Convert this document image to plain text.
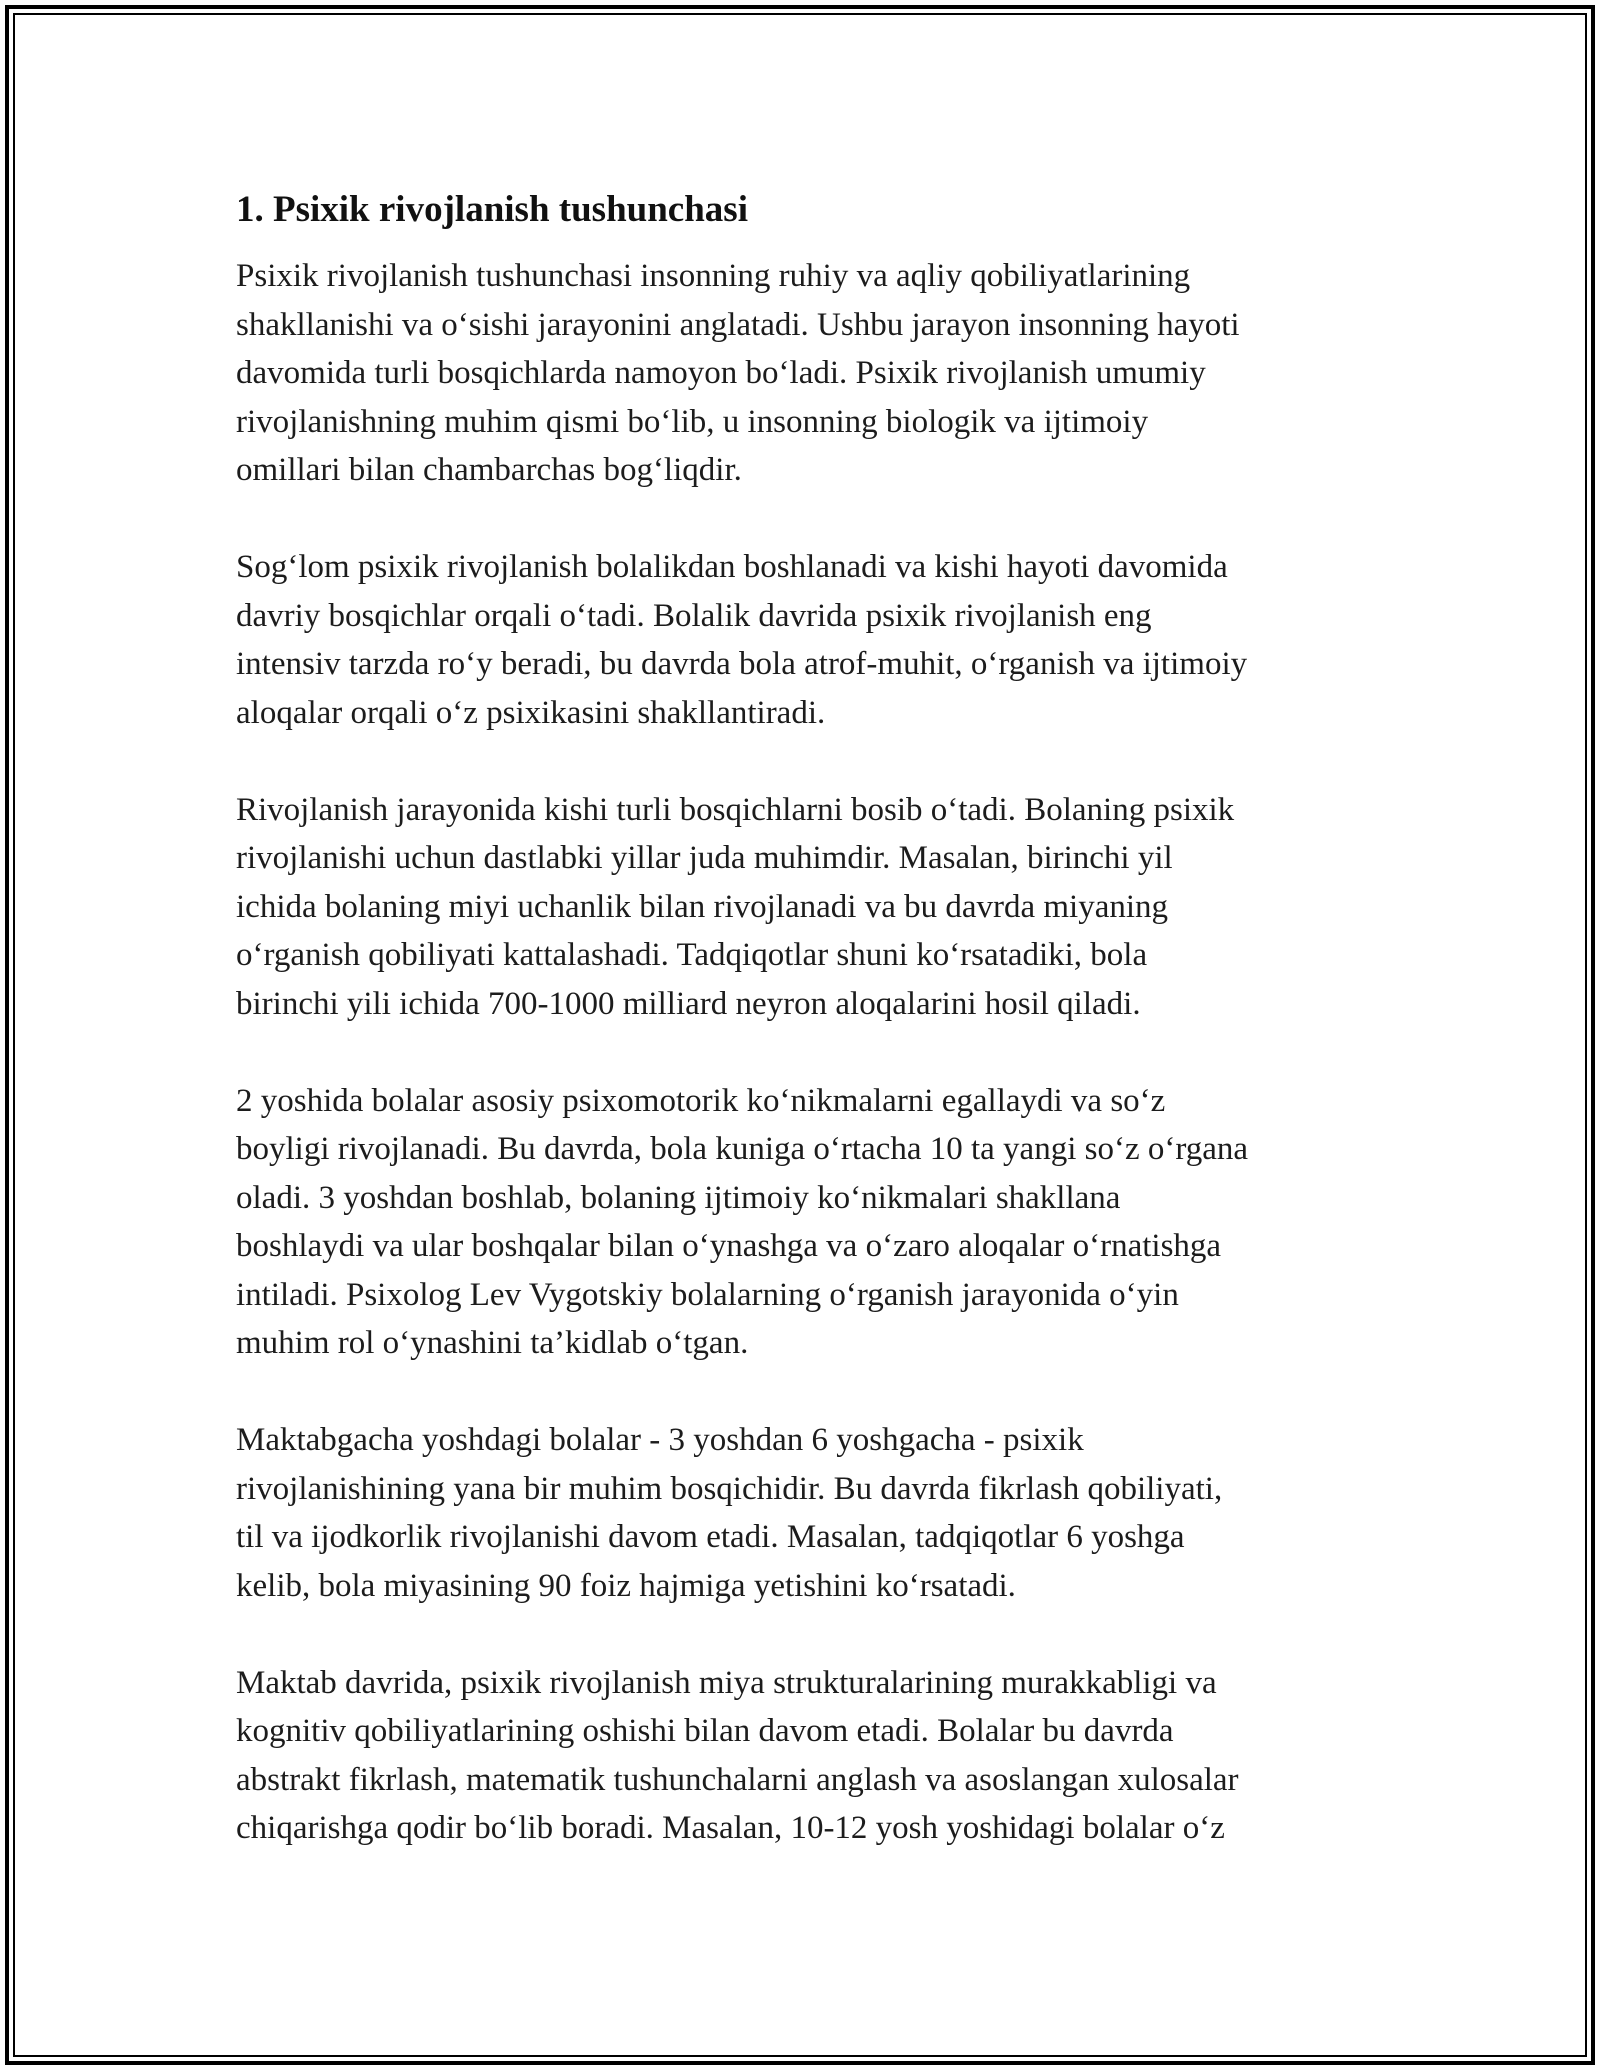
1. Psixik rivojlanish tushunchasi

Psixik rivojlanish tushunchasi insonning ruhiy va aqliy qobiliyatlarining
shakllanishi va o‘sishi jarayonini anglatadi. Ushbu jarayon insonning hayoti
davomida turli bosqichlarda namoyon bo‘ladi. Psixik rivojlanish umumiy
rivojlanishning muhim qismi bo‘lib, u insonning biologik va ijtimoiy
omillari bilan chambarchas bog‘liqdir.

Sog‘lom psixik rivojlanish bolalikdan boshlanadi va kishi hayoti davomida
davriy bosqichlar orqali o‘tadi. Bolalik davrida psixik rivojlanish eng
intensiv tarzda ro‘y beradi, bu davrda bola atrof-muhit, o‘rganish va ijtimoiy
aloqalar orqali o‘z psixikasini shakllantiradi.

Rivojlanish jarayonida kishi turli bosqichlarni bosib o‘tadi. Bolaning psixik
rivojlanishi uchun dastlabki yillar juda muhimdir. Masalan, birinchi yil
ichida bolaning miyi uchanlik bilan rivojlanadi va bu davrda miyaning
o‘rganish qobiliyati kattalashadi. Tadqiqotlar shuni ko‘rsatadiki, bola
birinchi yili ichida 700-1000 milliard neyron aloqalarini hosil qiladi.

2 yoshida bolalar asosiy psixomotorik ko‘nikmalarni egallaydi va so‘z
boyligi rivojlanadi. Bu davrda, bola kuniga o‘rtacha 10 ta yangi so‘z o‘rgana
oladi. 3 yoshdan boshlab, bolaning ijtimoiy ko‘nikmalari shakllana
boshlaydi va ular boshqalar bilan o‘ynashga va o‘zaro aloqalar o‘rnatishga
intiladi. Psixolog Lev Vygotskiy bolalarning o‘rganish jarayonida o‘yin
muhim rol o‘ynashini ta’kidlab o‘tgan.

Maktabgacha yoshdagi bolalar - 3 yoshdan 6 yoshgacha - psixik
rivojlanishining yana bir muhim bosqichidir. Bu davrda fikrlash qobiliyati,
til va ijodkorlik rivojlanishi davom etadi. Masalan, tadqiqotlar 6 yoshga
kelib, bola miyasining 90 foiz hajmiga yetishini ko‘rsatadi.

Maktab davrida, psixik rivojlanish miya strukturalarining murakkabligi va
kognitiv qobiliyatlarining oshishi bilan davom etadi. Bolalar bu davrda
abstrakt fikrlash, matematik tushunchalarni anglash va asoslangan xulosalar
chiqarishga qodir bo‘lib boradi. Masalan, 10-12 yosh yoshidagi bolalar o‘z
